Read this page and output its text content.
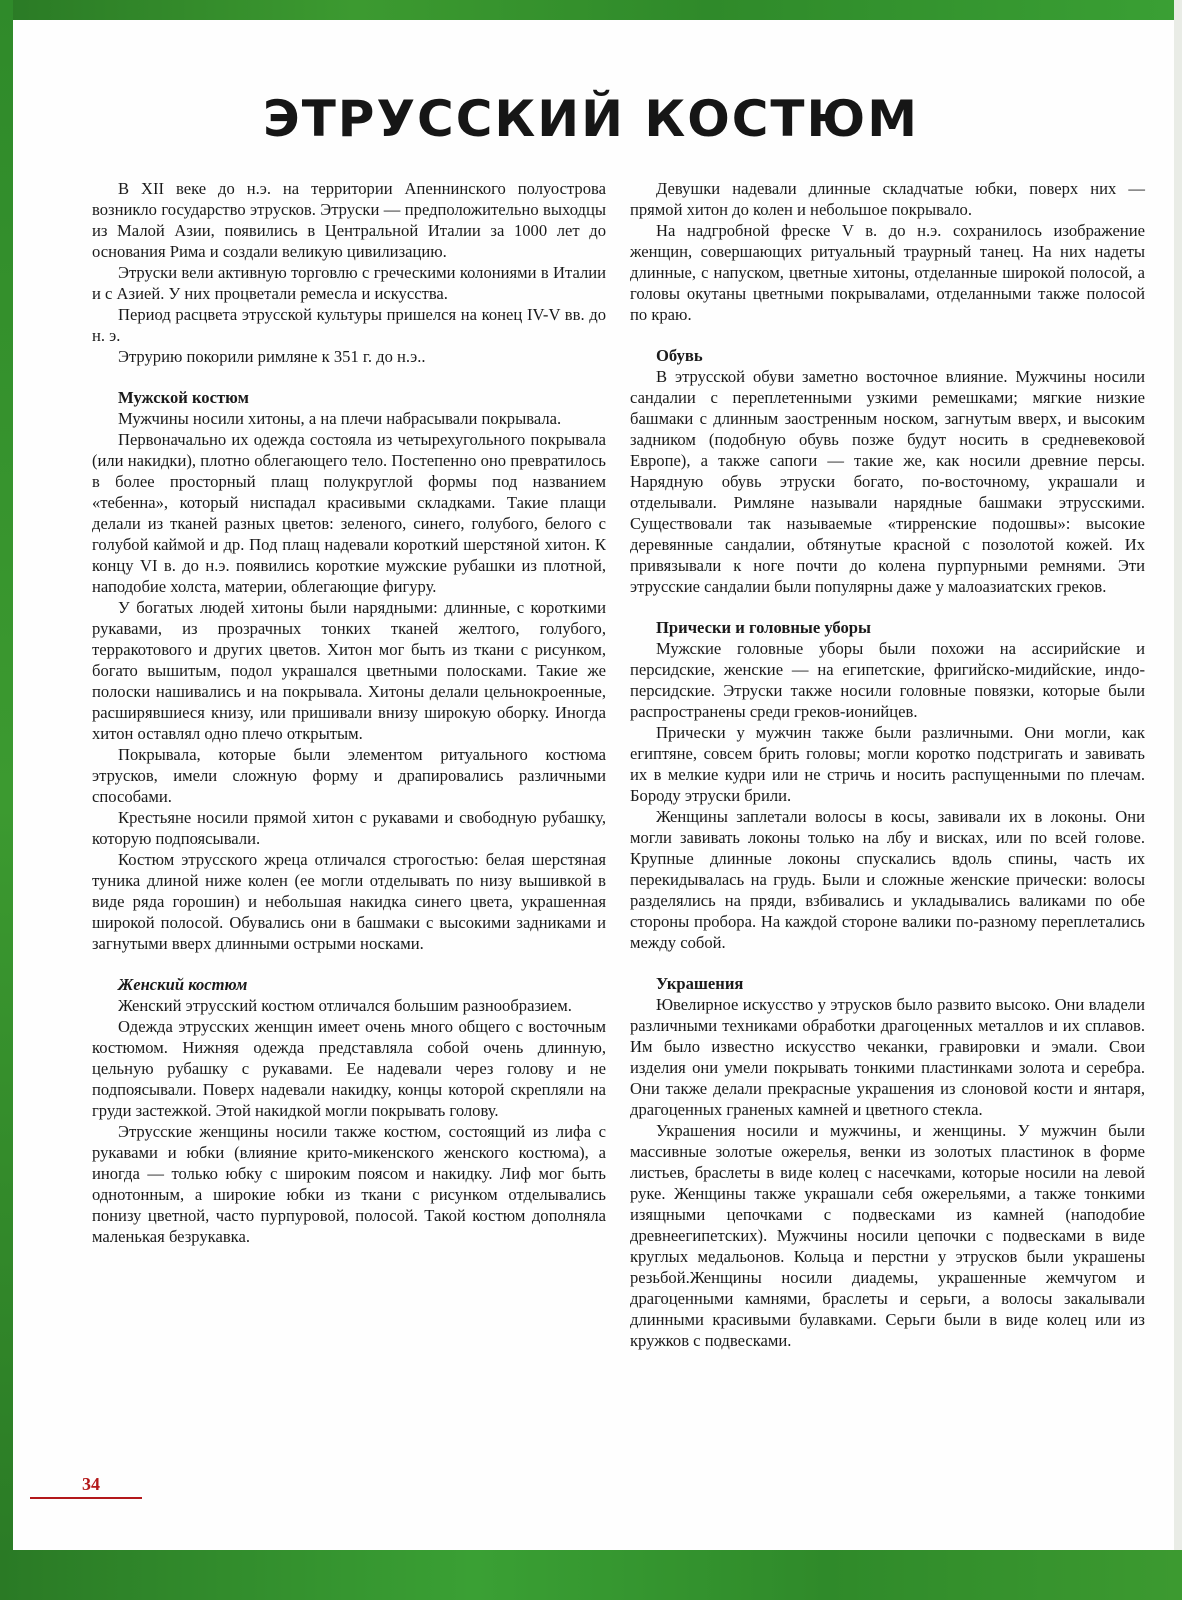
ЭТРУССКИЙ КОСТЮМ

В XII веке до н.э. на территории Апеннинского полуострова возникло государство этрусков. Этруски — предположительно выходцы из Малой Азии, появились в Центральной Италии за 1000 лет до основания Рима и создали великую цивилизацию.

Этруски вели активную торговлю с греческими колониями в Италии и с Азией. У них процветали ремесла и искусства.

Период расцвета этрусской культуры пришелся на конец IV-V вв. до н. э.

Этрурию покорили римляне к 351 г. до н.э..

Мужской костюм

Мужчины носили хитоны, а на плечи набрасывали покрывала.

Первоначально их одежда состояла из четырехугольного покрывала (или накидки), плотно облегающего тело. Постепенно оно превратилось в более просторный плащ полукруглой формы под названием «тебенна», который ниспадал красивыми складками. Такие плащи делали из тканей разных цветов: зеленого, синего, голубого, белого с голубой каймой и др. Под плащ надевали короткий шерстяной хитон. К концу VI в. до н.э. появились короткие мужские рубашки из плотной, наподобие холста, материи, облегающие фигуру.

У богатых людей хитоны были нарядными: длинные, с короткими рукавами, из прозрачных тонких тканей желтого, голубого, терракотового и других цветов. Хитон мог быть из ткани с рисунком, богато вышитым, подол украшался цветными полосками. Такие же полоски нашивались и на покрывала. Хитоны делали цельнокроенные, расширявшиеся книзу, или пришивали внизу широкую оборку. Иногда хитон оставлял одно плечо открытым.

Покрывала, которые были элементом ритуального костюма этрусков, имели сложную форму и драпировались различными способами.

Крестьяне носили прямой хитон с рукавами и свободную рубашку, которую подпоясывали.

Костюм этрусского жреца отличался строгостью: белая шерстяная туника длиной ниже колен (ее могли отделывать по низу вышивкой в виде ряда горошин) и небольшая накидка синего цвета, украшенная широкой полосой. Обувались они в башмаки с высокими задниками и загнутыми вверх длинными острыми носками.

Женский костюм

Женский этрусский костюм отличался большим разнообразием.

Одежда этрусских женщин имеет очень много общего с восточным костюмом. Нижняя одежда представляла собой очень длинную, цельную рубашку с рукавами. Ее надевали через голову и не подпоясывали. Поверх надевали накидку, концы которой скрепляли на груди застежкой. Этой накидкой могли покрывать голову.

Этрусские женщины носили также костюм, состоящий из лифа с рукавами и юбки (влияние крито-микенского женского костюма), а иногда — только юбку с широким поясом и накидку. Лиф мог быть однотонным, а широкие юбки из ткани с рисунком отделывались понизу цветной, часто пурпуровой, полосой. Такой костюм дополняла маленькая безрукавка.

Девушки надевали длинные складчатые юбки, поверх них — прямой хитон до колен и небольшое покрывало.

На надгробной фреске V в. до н.э. сохранилось изображение женщин, совершающих ритуальный траурный танец. На них надеты длинные, с напуском, цветные хитоны, отделанные широкой полосой, а головы окутаны цветными покрывалами, отделанными также полосой по краю.

Обувь

В этрусской обуви заметно восточное влияние. Мужчины носили сандалии с переплетенными узкими ремешками; мягкие низкие башмаки с длинным заостренным носком, загнутым вверх, и высоким задником (подобную обувь позже будут носить в средневековой Европе), а также сапоги — такие же, как носили древние персы. Нарядную обувь этруски богато, по-восточному, украшали и отделывали. Римляне называли нарядные башмаки этрусскими. Существовали так называемые «тирренские подошвы»: высокие деревянные сандалии, обтянутые красной с позолотой кожей. Их привязывали к ноге почти до колена пурпурными ремнями. Эти этрусские сандалии были популярны даже у малоазиатских греков.

Прически и головные уборы

Мужские головные уборы были похожи на ассирийские и персидские, женские — на египетские, фригийско-мидийские, индо-персидские. Этруски также носили головные повязки, которые были распространены среди греков-ионийцев.

Прически у мужчин также были различными. Они могли, как египтяне, совсем брить головы; могли коротко подстригать и завивать их в мелкие кудри или не стричь и носить распущенными по плечам. Бороду этруски брили.

Женщины заплетали волосы в косы, завивали их в локоны. Они могли завивать локоны только на лбу и висках, или по всей голове. Крупные длинные локоны спускались вдоль спины, часть их перекидывалась на грудь. Были и сложные женские прически: волосы разделялись на пряди, взбивались и укладывались валиками по обе стороны пробора. На каждой стороне валики по-разному переплетались между собой.

Украшения

Ювелирное искусство у этрусков было развито высоко. Они владели различными техниками обработки драгоценных металлов и их сплавов. Им было известно искусство чеканки, гравировки и эмали. Свои изделия они умели покрывать тонкими пластинками золота и серебра. Они также делали прекрасные украшения из слоновой кости и янтаря, драгоценных граненых камней и цветного стекла.

Украшения носили и мужчины, и женщины. У мужчин были массивные золотые ожерелья, венки из золотых пластинок в форме листьев, браслеты в виде колец с насечками, которые носили на левой руке. Женщины также украшали себя ожерельями, а также тонкими изящными цепочками с подвесками из камней (наподобие древнеегипетских). Мужчины носили цепочки с подвесками в виде круглых медальонов. Кольца и перстни у этрусков были украшены резьбой.Женщины носили диадемы, украшенные жемчугом и драгоценными камнями, браслеты и серьги, а волосы закалывали длинными красивыми булавками. Серьги были в виде колец или из кружков с подвесками.

34
